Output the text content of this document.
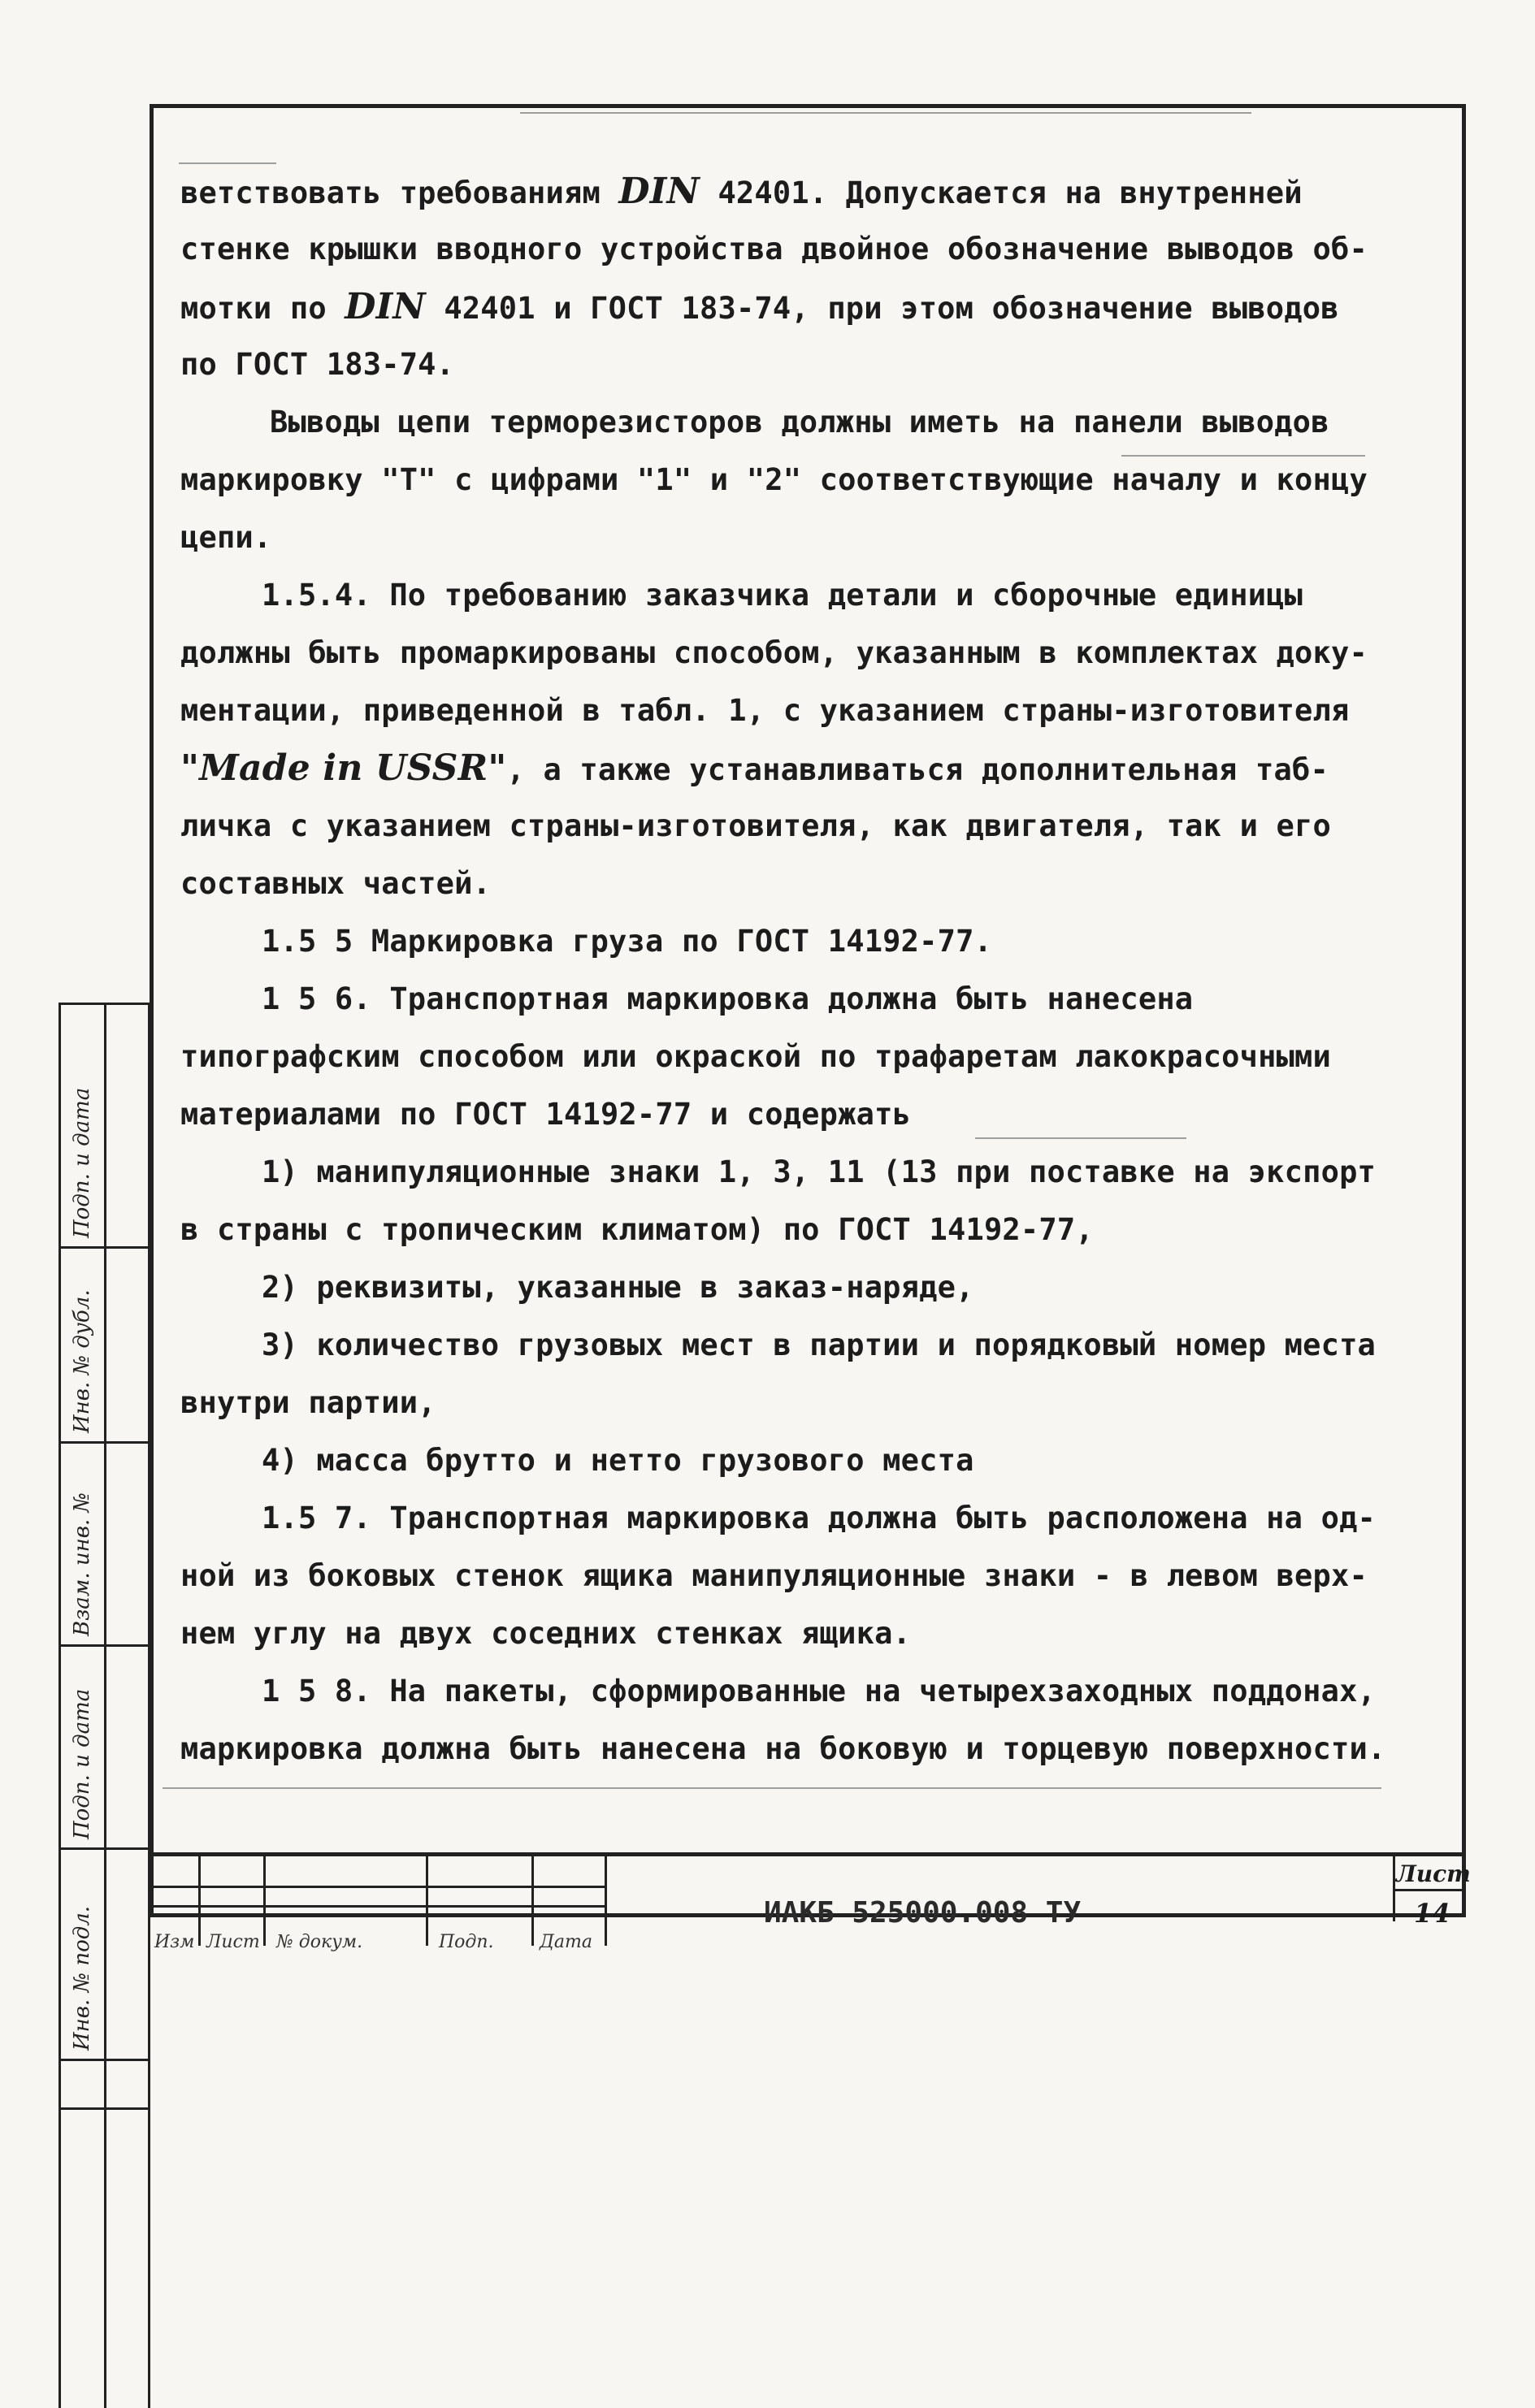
ветствовать требованиям DIN 42401. Допускается на внутренней
стенке крышки вводного устройства двойное обозначение выводов об-
мотки по DIN 42401 и ГОСТ 183-74, при этом обозначение выводов
по ГОСТ 183-74.
Выводы цепи терморезисторов должны иметь на панели выводов
маркировку "Т" с цифрами "1" и "2" соответствующие началу и концу
цепи.
1.5.4. По требованию заказчика детали и сборочные единицы
должны быть промаркированы способом, указанным в комплектах доку-
ментации, приведенной в табл. 1, с указанием страны-изготовителя
"Made in USSR", а также устанавливаться дополнительная таб-
личка с указанием страны-изготовителя, как двигателя, так и его
составных частей.
1.5 5 Маркировка груза по ГОСТ 14192-77.
1 5 6. Транспортная маркировка должна быть нанесена
типографским способом или окраской по трафаретам лакокрасочными
материалами по ГОСТ 14192-77 и содержать
1) манипуляционные знаки 1, 3, 11 (13 при поставке на экспорт
в страны с тропическим климатом) по ГОСТ 14192-77,
2) реквизиты, указанные в заказ-наряде,
3) количество грузовых мест в партии и порядковый номер места
внутри партии,
4) масса брутто и нетто грузового места
1.5 7. Транспортная маркировка должна быть расположена на од-
ной из боковых стенок ящика манипуляционные знаки - в левом верх-
нем углу на двух соседних стенках ящика.
1 5 8. На пакеты, сформированные на четырехзаходных поддонах,
маркировка должна быть нанесена на боковую и торцевую поверхности.
Подп. и дата
Инв. № дубл.
Взам. инв. №
Подп. и дата
Инв. № подл.	ИАКБ 525000.008 ТУ
Лист
14
Изм Лист № докум.	Подп.	Дата
